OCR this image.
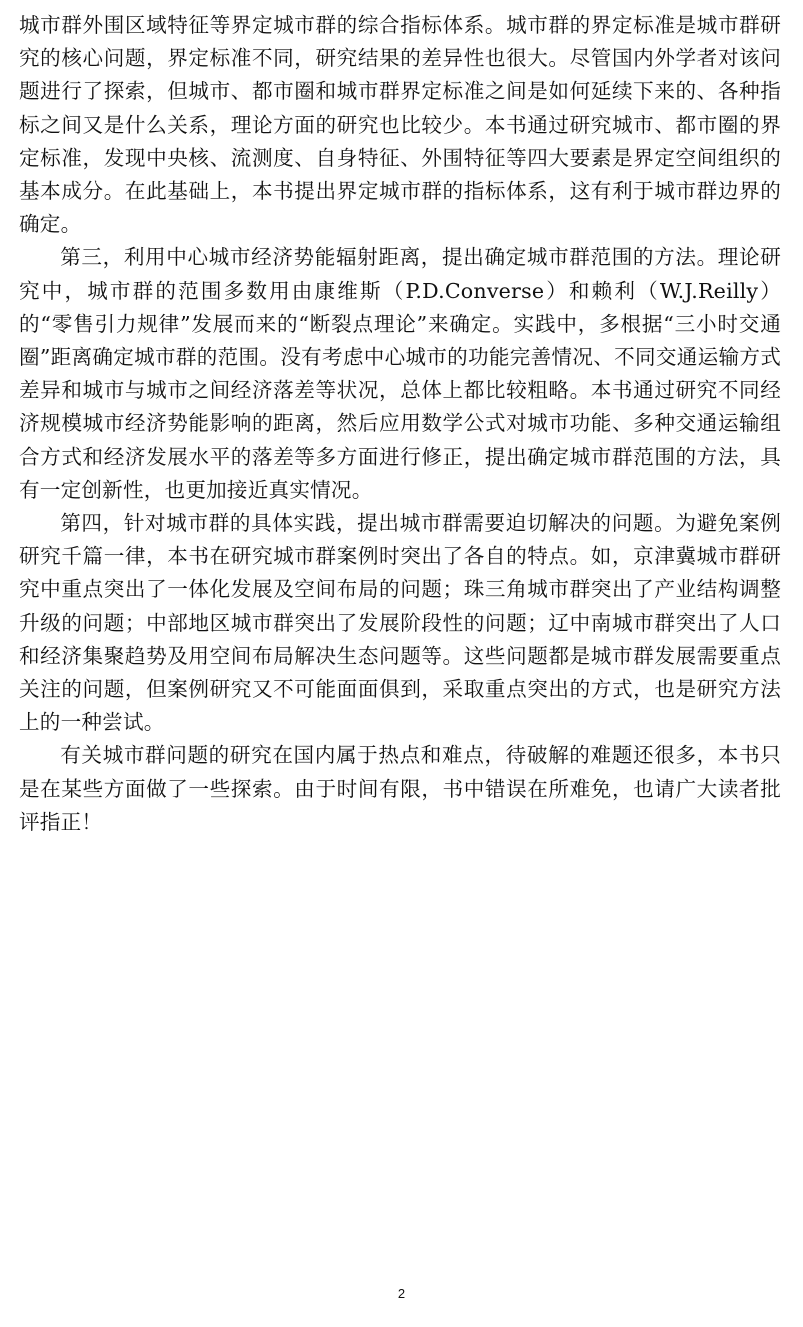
城市群外围区域特征等界定城市群的综合指标体系。城市群的界定标准是城市群研究的核心问题，界定标准不同，研究结果的差异性也很大。尽管国内外学者对该问题进行了探索，但城市、都市圈和城市群界定标准之间是如何延续下来的、各种指标之间又是什么关系，理论方面的研究也比较少。本书通过研究城市、都市圈的界定标准，发现中央核、流测度、自身特征、外围特征等四大要素是界定空间组织的基本成分。在此基础上，本书提出界定城市群的指标体系，这有利于城市群边界的确定。

第三，利用中心城市经济势能辐射距离，提出确定城市群范围的方法。理论研究中，城市群的范围多数用由康维斯（P.D.Converse）和赖利（W.J.Reilly）的“零售引力规律”发展而来的“断裂点理论”来确定。实践中，多根据“三小时交通圈”距离确定城市群的范围。没有考虑中心城市的功能完善情况、不同交通运输方式差异和城市与城市之间经济落差等状况，总体上都比较粗略。本书通过研究不同经济规模城市经济势能影响的距离，然后应用数学公式对城市功能、多种交通运输组合方式和经济发展水平的落差等多方面进行修正，提出确定城市群范围的方法，具有一定创新性，也更加接近真实情况。

第四，针对城市群的具体实践，提出城市群需要迫切解决的问题。为避免案例研究千篇一律，本书在研究城市群案例时突出了各自的特点。如，京津冀城市群研究中重点突出了一体化发展及空间布局的问题；珠三角城市群突出了产业结构调整升级的问题；中部地区城市群突出了发展阶段性的问题；辽中南城市群突出了人口和经济集聚趋势及用空间布局解决生态问题等。这些问题都是城市群发展需要重点关注的问题，但案例研究又不可能面面俱到，采取重点突出的方式，也是研究方法上的一种尝试。

有关城市群问题的研究在国内属于热点和难点，待破解的难题还很多，本书只是在某些方面做了一些探索。由于时间有限，书中错误在所难免，也请广大读者批评指正！

2
